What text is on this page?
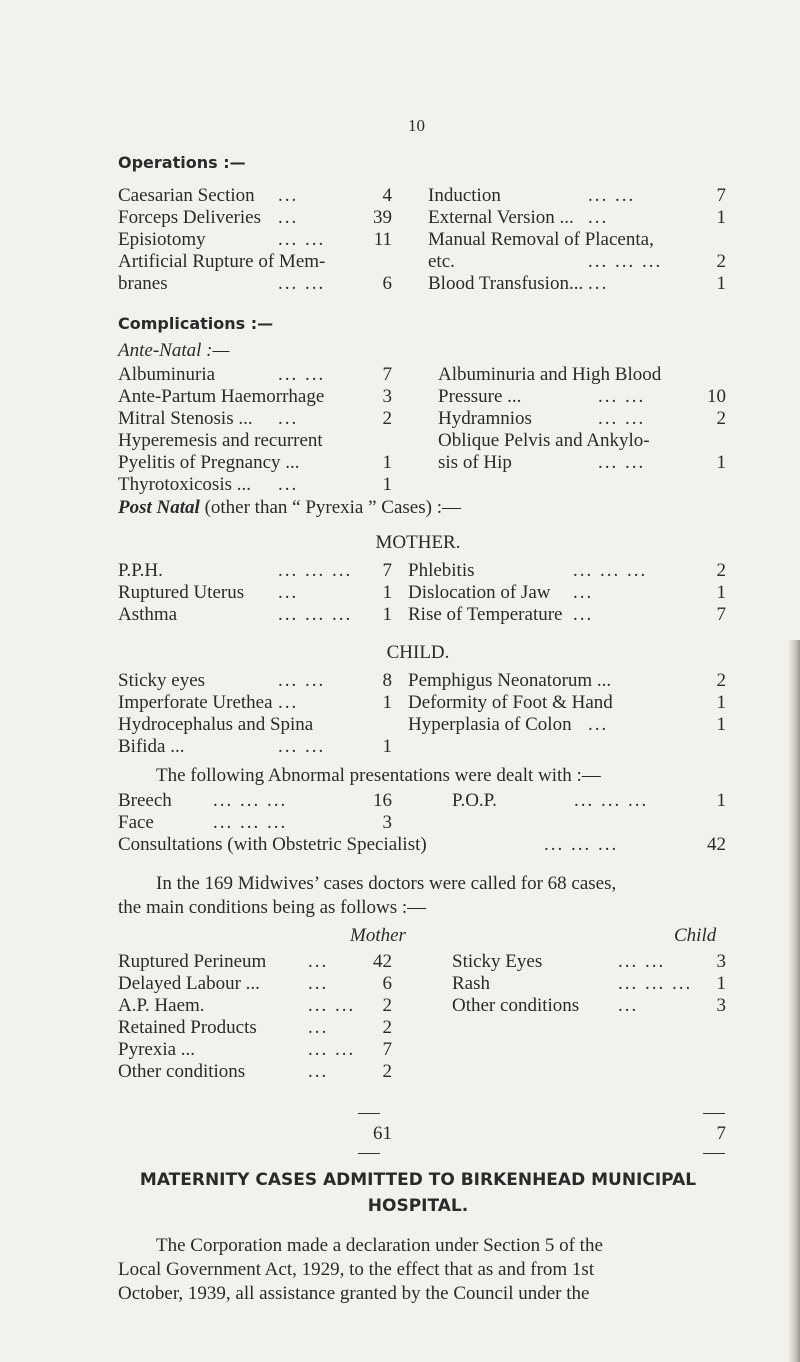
10
Operations :—
Caesarian Section ...	4 Induction	... ...	7
Forceps Deliveries ...	39 External Version ... ...	1
Episiotomy	... ...	11 Manual Removal of Placenta,
Artificial Rupture of Mem-	etc.	... ... ...	2
branes	... ...	6 Blood Transfusion... ...	1
Complications :—
Ante-Natal :—
Albuminuria	... ...	7 Albuminuria and High Blood
Ante-Partum Haemorrhage	3 Pressure ...	... ...	10
Mitral Stenosis ... ...	2 Hydramnios	... ...	2
Hyperemesis and recurrent	Oblique Pelvis and Ankylo-
Pyelitis of Pregnancy ...	1 sis of Hip	... ...	1
Thyrotoxicosis ... ...	1
Post Natal (other than “ Pyrexia ” Cases) :—
MOTHER.
P.P.H.	... ... ...	7 Phlebitis	... ... ...	2
Ruptured Uterus ...	1 Dislocation of Jaw ...	1
Asthma	... ... ...	1 Rise of Temperature ...	7
CHILD.
Sticky eyes	... ...	8 Pemphigus Neonatorum ...	2
Imperforate Urethea ...	1 Deformity of Foot & Hand	1
Hydrocephalus and Spina	Hyperplasia of Colon ...	1
Bifida ...	... ...	1
The following Abnormal presentations were dealt with :—
Breech ... ... ...	16	P.O.P.	... ... ...	1
Face	... ... ...	3
Consultations (with Obstetric Specialist)	... ... ...	42
In the 169 Midwives’ cases doctors were called for 68 cases,
the main conditions being as follows :—
Mother	Child
Ruptured Perineum ...	42	Sticky Eyes	... ...	3
Delayed Labour ...	...	6	Rash	... ... ...	1
A.P. Haem.	... ...	2	Other conditions ...	3
Retained Products	...	2
Pyrexia ...	... ...	7
Other conditions	...	2
61	7
MATERNITY CASES ADMITTED TO BIRKENHEAD MUNICIPAL
HOSPITAL.
The Corporation made a declaration under Section 5 of the
Local Government Act, 1929, to the effect that as and from 1st
October, 1939, all assistance granted by the Council under the
